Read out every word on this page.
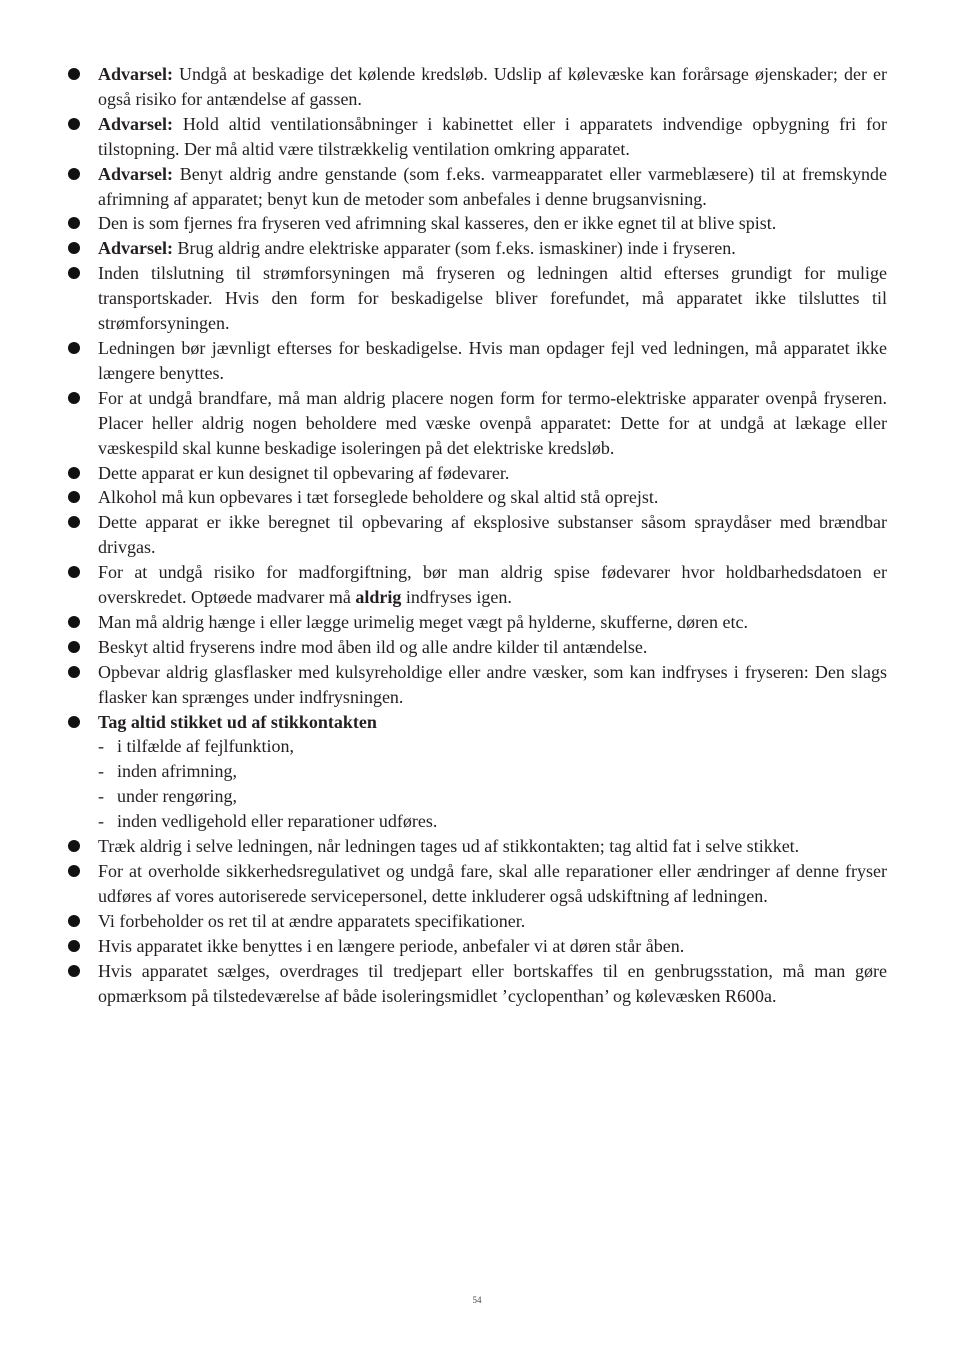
Advarsel: Undgå at beskadige det kølende kredsløb. Udslip af kølevæske kan forårsage øjenskader; der er også risiko for antændelse af gassen.
Advarsel: Hold altid ventilationsåbninger i kabinettet eller i apparatets indvendige opbygning fri for tilstopning. Der må altid være tilstrækkelig ventilation omkring apparatet.
Advarsel: Benyt aldrig andre genstande (som f.eks. varmeapparatet eller varmeblæsere) til at fremskynde afrimning af apparatet; benyt kun de metoder som anbefales i denne brugsanvisning.
Den is som fjernes fra fryseren ved afrimning skal kasseres, den er ikke egnet til at blive spist.
Advarsel: Brug aldrig andre elektriske apparater (som f.eks. ismaskiner) inde i fryseren.
Inden tilslutning til strømforsyningen må fryseren og ledningen altid efterses grundigt for mulige transportskader. Hvis den form for beskadigelse bliver forefundet, må apparatet ikke tilsluttes til strømforsyningen.
Ledningen bør jævnligt efterses for beskadigelse. Hvis man opdager fejl ved ledningen, må apparatet ikke længere benyttes.
For at undgå brandfare, må man aldrig placere nogen form for termo-elektriske apparater ovenpå fryseren. Placer heller aldrig nogen beholdere med væske ovenpå apparatet: Dette for at undgå at lækage eller væskespild skal kunne beskadige isoleringen på det elektriske kredsløb.
Dette apparat er kun designet til opbevaring af fødevarer.
Alkohol må kun opbevares i tæt forseglede beholdere og skal altid stå oprejst.
Dette apparat er ikke beregnet til opbevaring af eksplosive substanser såsom spraydåser med brændbar drivgas.
For at undgå risiko for madforgiftning, bør man aldrig spise fødevarer hvor holdbarhedsdatoen er overskredet. Optøede madvarer må aldrig indfryses igen.
Man må aldrig hænge i eller lægge urimelig meget vægt på hylderne, skufferne, døren etc.
Beskyt altid fryserens indre mod åben ild og alle andre kilder til antændelse.
Opbevar aldrig glasflasker med kulsyreholdige eller andre væsker, som kan indfryses i fryseren: Den slags flasker kan sprænges under indfrysningen.
Tag altid stikket ud af stikkontakten
- i tilfælde af fejlfunktion,
- inden afrimning,
- under rengøring,
- inden vedligehold eller reparationer udføres.
Træk aldrig i selve ledningen, når ledningen tages ud af stikkontakten; tag altid fat i selve stikket.
For at overholde sikkerhedsregulativet og undgå fare, skal alle reparationer eller ændringer af denne fryser udføres af vores autoriserede servicepersonel, dette inkluderer også udskiftning af ledningen.
Vi forbeholder os ret til at ændre apparatets specifikationer.
Hvis apparatet ikke benyttes i en længere periode, anbefaler vi at døren står åben.
Hvis apparatet sælges, overdrages til tredjepart eller bortskaffes til en genbrugsstation, må man gøre opmærksom på tilstedeværelse af både isoleringsmidlet ’cyclopenthan’ og kølevæsken R600a.
54
